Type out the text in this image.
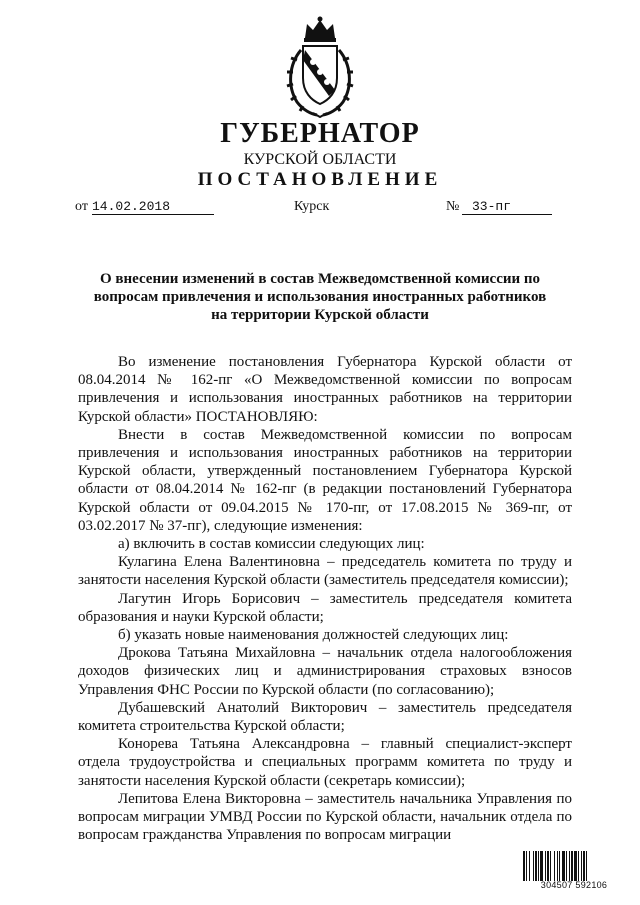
ГУБЕРНАТОР
КУРСКОЙ ОБЛАСТИ
ПОСТАНОВЛЕНИЕ
от 14.02.2018	Курск	№ 33-пг
О внесении изменений в состав Межведомственной комиссии по
вопросам привлечения и использования иностранных работников
на территории Курской области

Во изменение постановления Губернатора Курской области от 08.04.2014 № 162-пг «О Межведомственной комиссии по вопросам привлечения и использования иностранных работников на территории Курской области» ПОСТАНОВЛЯЮ:

Внести в состав Межведомственной комиссии по вопросам привлечения и использования иностранных работников на территории Курской области, утвержденный постановлением Губернатора Курской области от 08.04.2014 № 162-пг (в редакции постановлений Губернатора Курской области от 09.04.2015 № 170-пг, от 17.08.2015 № 369-пг, от 03.02.2017 № 37-пг), следующие изменения:

а) включить в состав комиссии следующих лиц:

Кулагина Елена Валентиновна – председатель комитета по труду и занятости населения Курской области (заместитель председателя комиссии);

Лагутин Игорь Борисович – заместитель председателя комитета образования и науки Курской области;

б) указать новые наименования должностей следующих лиц:

Дрокова Татьяна Михайловна – начальник отдела налогообложения доходов физических лиц и администрирования страховых взносов Управления ФНС России по Курской области (по согласованию);

Дубашевский Анатолий Викторович – заместитель председателя комитета строительства Курской области;

Конорева Татьяна Александровна – главный специалист-эксперт отдела трудоустройства и специальных программ комитета по труду и занятости населения Курской области (секретарь комиссии);

Лепитова Елена Викторовна – заместитель начальника Управления по вопросам миграции УМВД России по Курской области, начальник отдела по вопросам гражданства Управления по вопросам миграции

304507 592106
